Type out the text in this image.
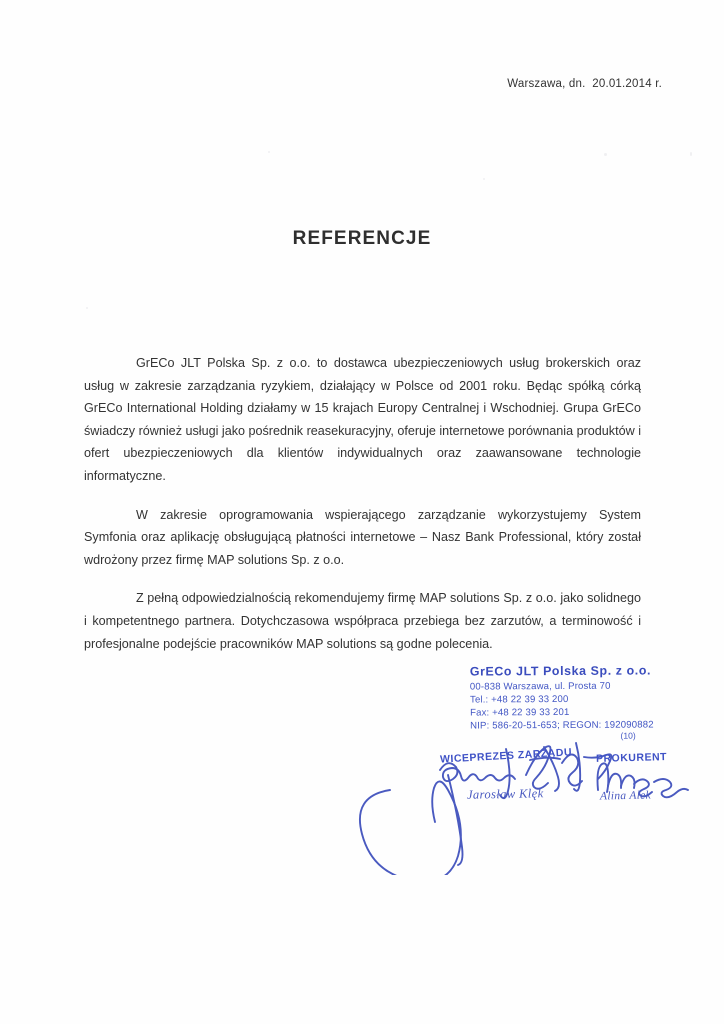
Warszawa, dn.  20.01.2014 r.
REFERENCJE

GrECo JLT Polska Sp. z o.o. to dostawca ubezpieczeniowych usług brokerskich oraz usług w zakresie zarządzania ryzykiem, działający w Polsce od 2001 roku. Będąc spółką córką GrECo International Holding działamy w 15 krajach Europy Centralnej i Wschodniej. Grupa GrECo świadczy również usługi jako pośrednik reasekuracyjny, oferuje internetowe porównania produktów i ofert ubezpieczeniowych dla klientów indywidualnych oraz zaawansowane technologie informatyczne.

W zakresie oprogramowania wspierającego zarządzanie wykorzystujemy System Symfonia oraz aplikację obsługującą płatności internetowe – Nasz Bank Professional, który został wdrożony przez firmę MAP solutions Sp. z o.o.

Z pełną odpowiedzialnością rekomendujemy firmę MAP solutions Sp. z o.o. jako solidnego i kompetentnego partnera. Dotychczasowa współpraca przebiega bez zarzutów, a terminowość i profesjonalne podejście pracowników MAP solutions są godne polecenia.

GrECo JLT Polska Sp. z o.o.
00-838 Warszawa, ul. Prosta 70
Tel.: +48 22 39 33 200
Fax: +48 22 39 33 201
NIP: 586-20-51-653; REGON: 192090882
(10)
WICEPREZES ZARZĄDU
Jarosław Klęk
PROKURENT
Alina Alek
